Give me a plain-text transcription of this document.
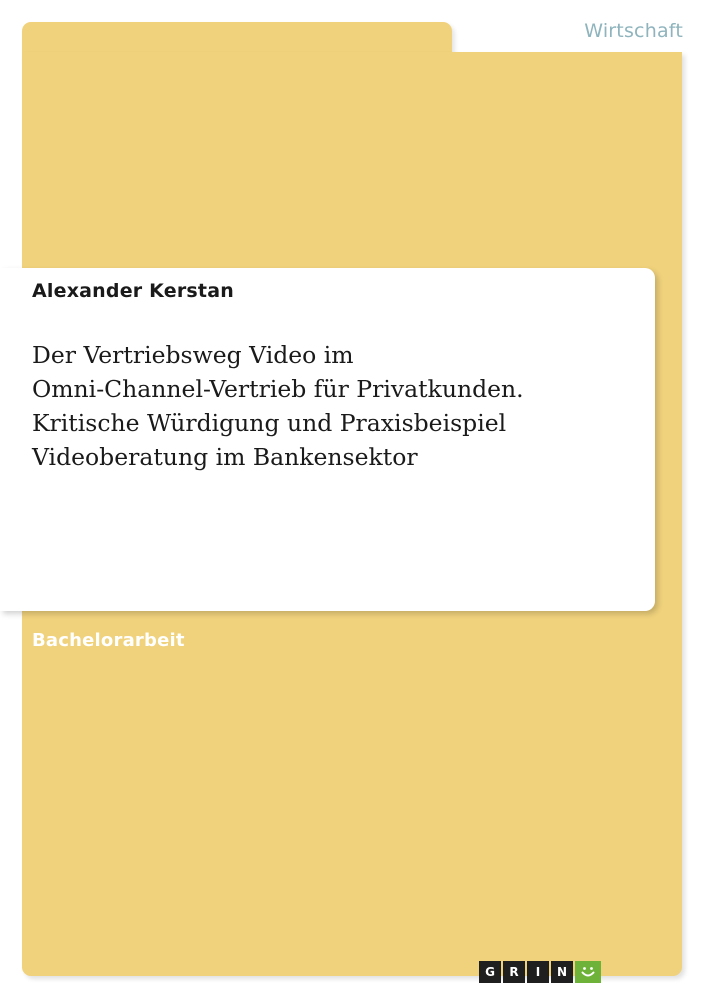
Wirtschaft
Alexander Kerstan
Der Vertriebsweg Video im
Omni-Channel-Vertrieb für Privatkunden.
Kritische Würdigung und Praxisbeispiel
Videoberatung im Bankensektor
Bachelorarbeit
G	R	I	N
